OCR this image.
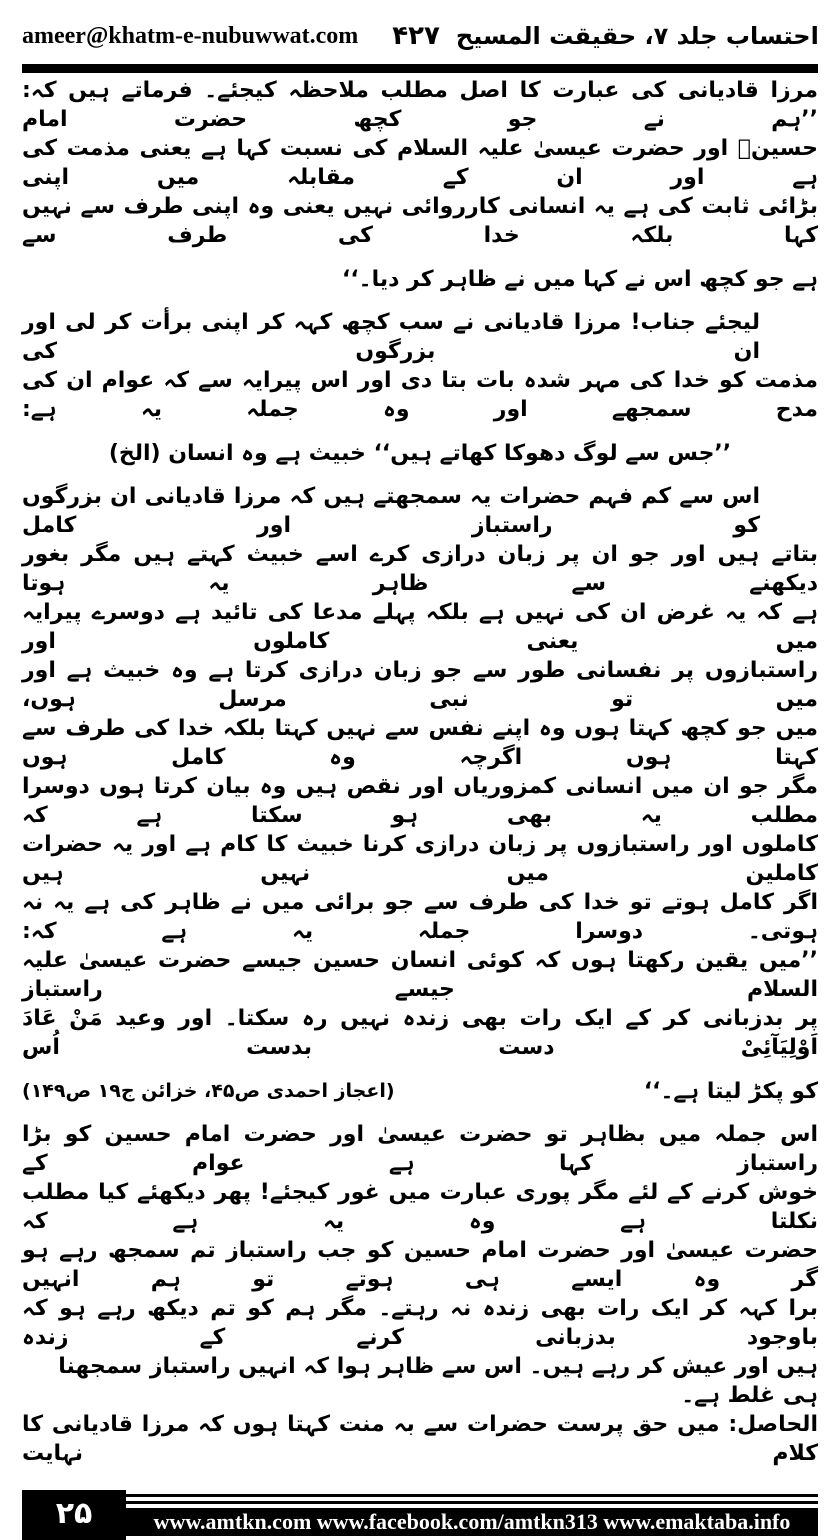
ameer@khatm-e-nubuwwat.com ۴۲۷ احتساب جلد ۷، حقیقت المسیح
مرزا قادیانی کی عبارت کا اصل مطلب ملاحظہ کیجئے۔ فرماتے ہیں کہ: ’’ہم نے جو کچھ حضرت امام
حسینؓ اور حضرت عیسیٰ علیہ السلام کی نسبت کہا ہے یعنی مذمت کی ہے اور ان کے مقابلہ میں اپنی
بڑائی ثابت کی ہے یہ انسانی کارروائی نہیں یعنی وہ اپنی طرف سے نہیں کہا بلکہ خدا کی طرف سے
ہے جو کچھ اس نے کہا میں نے ظاہر کر دیا۔‘‘
لیجئے جناب! مرزا قادیانی نے سب کچھ کہہ کر اپنی برأت کر لی اور ان بزرگوں کی
مذمت کو خدا کی مہر شدہ بات بتا دی اور اس پیرایہ سے کہ عوام ان کی مدح سمجھے اور وہ جملہ یہ ہے:
’’جس سے لوگ دھوکا کھاتے ہیں‘‘ خبیث ہے وہ انسان (الخ)
اس سے کم فہم حضرات یہ سمجھتے ہیں کہ مرزا قادیانی ان بزرگوں کو راستباز اور کامل
بتاتے ہیں اور جو ان پر زبان درازی کرے اسے خبیث کہتے ہیں مگر بغور دیکھنے سے ظاہر یہ ہوتا
ہے کہ یہ غرض ان کی نہیں ہے بلکہ پہلے مدعا کی تائید ہے دوسرے پیرایہ میں یعنی کاملوں اور
راستبازوں پر نفسانی طور سے جو زبان درازی کرتا ہے وہ خبیث ہے اور میں تو نبی مرسل ہوں،
میں جو کچھ کہتا ہوں وہ اپنے نفس سے نہیں کہتا بلکہ خدا کی طرف سے کہتا ہوں اگرچہ وہ کامل ہوں
مگر جو ان میں انسانی کمزوریاں اور نقص ہیں وہ بیان کرتا ہوں دوسرا مطلب یہ بھی ہو سکتا ہے کہ
کاملوں اور راستبازوں پر زبان درازی کرنا خبیث کا کام ہے اور یہ حضرات کاملین میں نہیں ہیں
اگر کامل ہوتے تو خدا کی طرف سے جو برائی میں نے ظاہر کی ہے یہ نہ ہوتی۔ دوسرا جملہ یہ ہے کہ:
’’میں یقین رکھتا ہوں کہ کوئی انسان حسین جیسے حضرت عیسیٰ علیہ السلام جیسے راستباز
پر بدزبانی کر کے ایک رات بھی زندہ نہیں رہ سکتا۔ اور وعید مَنْ عَادَ اَوْلِیَآئِیْ دست بدست اُس
کو پکڑ لیتا ہے۔‘‘
(اعجاز احمدی ص۴۵، خزائن ج۱۹ ص۱۴۹)
اس جملہ میں بظاہر تو حضرت عیسیٰ اور حضرت امام حسین کو بڑا راستباز کہا ہے عوام کے
خوش کرنے کے لئے مگر پوری عبارت میں غور کیجئے! پھر دیکھئے کیا مطلب نکلتا ہے وہ یہ ہے کہ
حضرت عیسیٰ اور حضرت امام حسین کو جب راستباز تم سمجھ رہے ہو گر وہ ایسے ہی ہوتے تو ہم انہیں
برا کہہ کر ایک رات بھی زندہ نہ رہتے۔ مگر ہم کو تم دیکھ رہے ہو کہ باوجود بدزبانی کرنے کے زندہ
ہیں اور عیش کر رہے ہیں۔ اس سے ظاہر ہوا کہ انہیں راستباز سمجھنا ہی غلط ہے۔
الحاصل: میں حق پرست حضرات سے بہ منت کہتا ہوں کہ مرزا قادیانی کا کلام نہایت
۲۵	www.amtkn.com www.facebook.com/amtkn313 www.emaktaba.info
